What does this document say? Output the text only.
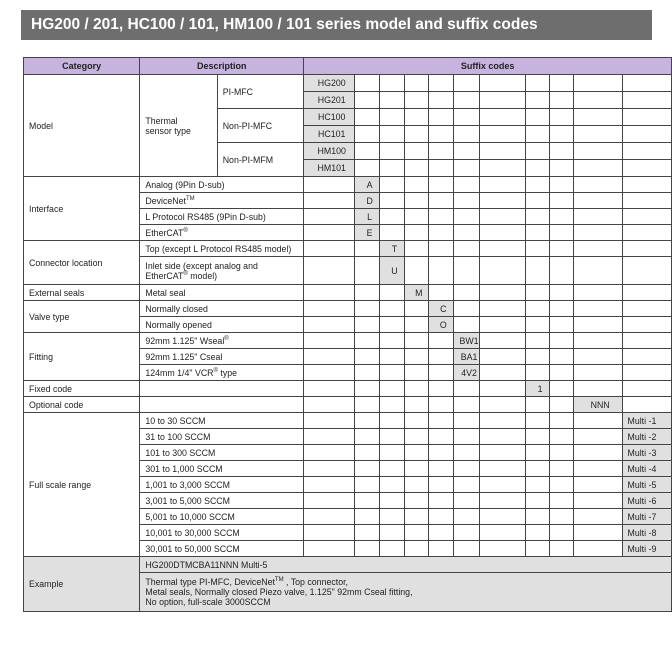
HG200 / 201, HC100 / 101, HM100 / 101 series model and suffix codes
Category	Description		Suffix codes										
Model	Thermal sensor type	PI-MFC	HG200										
			HG201										
		Non-PI-MFC	HC100										
			HC101										
		Non-PI-MFM	HM100										
			HM101										
Interface	Analog (9Pin D-sub)			A									
	DeviceNet™			D									
	L Protocol RS485 (9Pin D-sub)			L									
	EtherCAT®			E									
Connector location	Top (except L Protocol RS485 model)				T								
	Inlet side (except analog and
EtherCAT® model)				U								
External seals	Metal seal					M							
Valve type	Normally closed						C						
	Normally opened						O						
Fitting	92mm 1.125" Wseal®							BW1					
	92mm 1.125" Cseal							BA1					
	124mm 1/4" VCR® type							4V2					
Fixed code										1			
Optional code												NNN	
Full scale range	10 to 30 SCCM												Multi -1
	31 to 100 SCCM												Multi -2
	101 to 300 SCCM												Multi -3
	301 to 1,000 SCCM												Multi -4
	1,001 to 3,000 SCCM												Multi -5
	3,001 to 5,000 SCCM												Multi -6
	5,001 to 10,000 SCCM												Multi -7
	10,001 to 30,000 SCCM												Multi -8
	30,001 to 50,000 SCCM												Multi -9
Example	HG200DTMCBA11NNN Multi-5												
	Thermal type PI-MFC, DeviceNet™ , Top connector,
Metal seals, Normally closed Piezo valve, 1.125" 92mm Cseal fitting,
No option, full-scale 3000SCCM												
